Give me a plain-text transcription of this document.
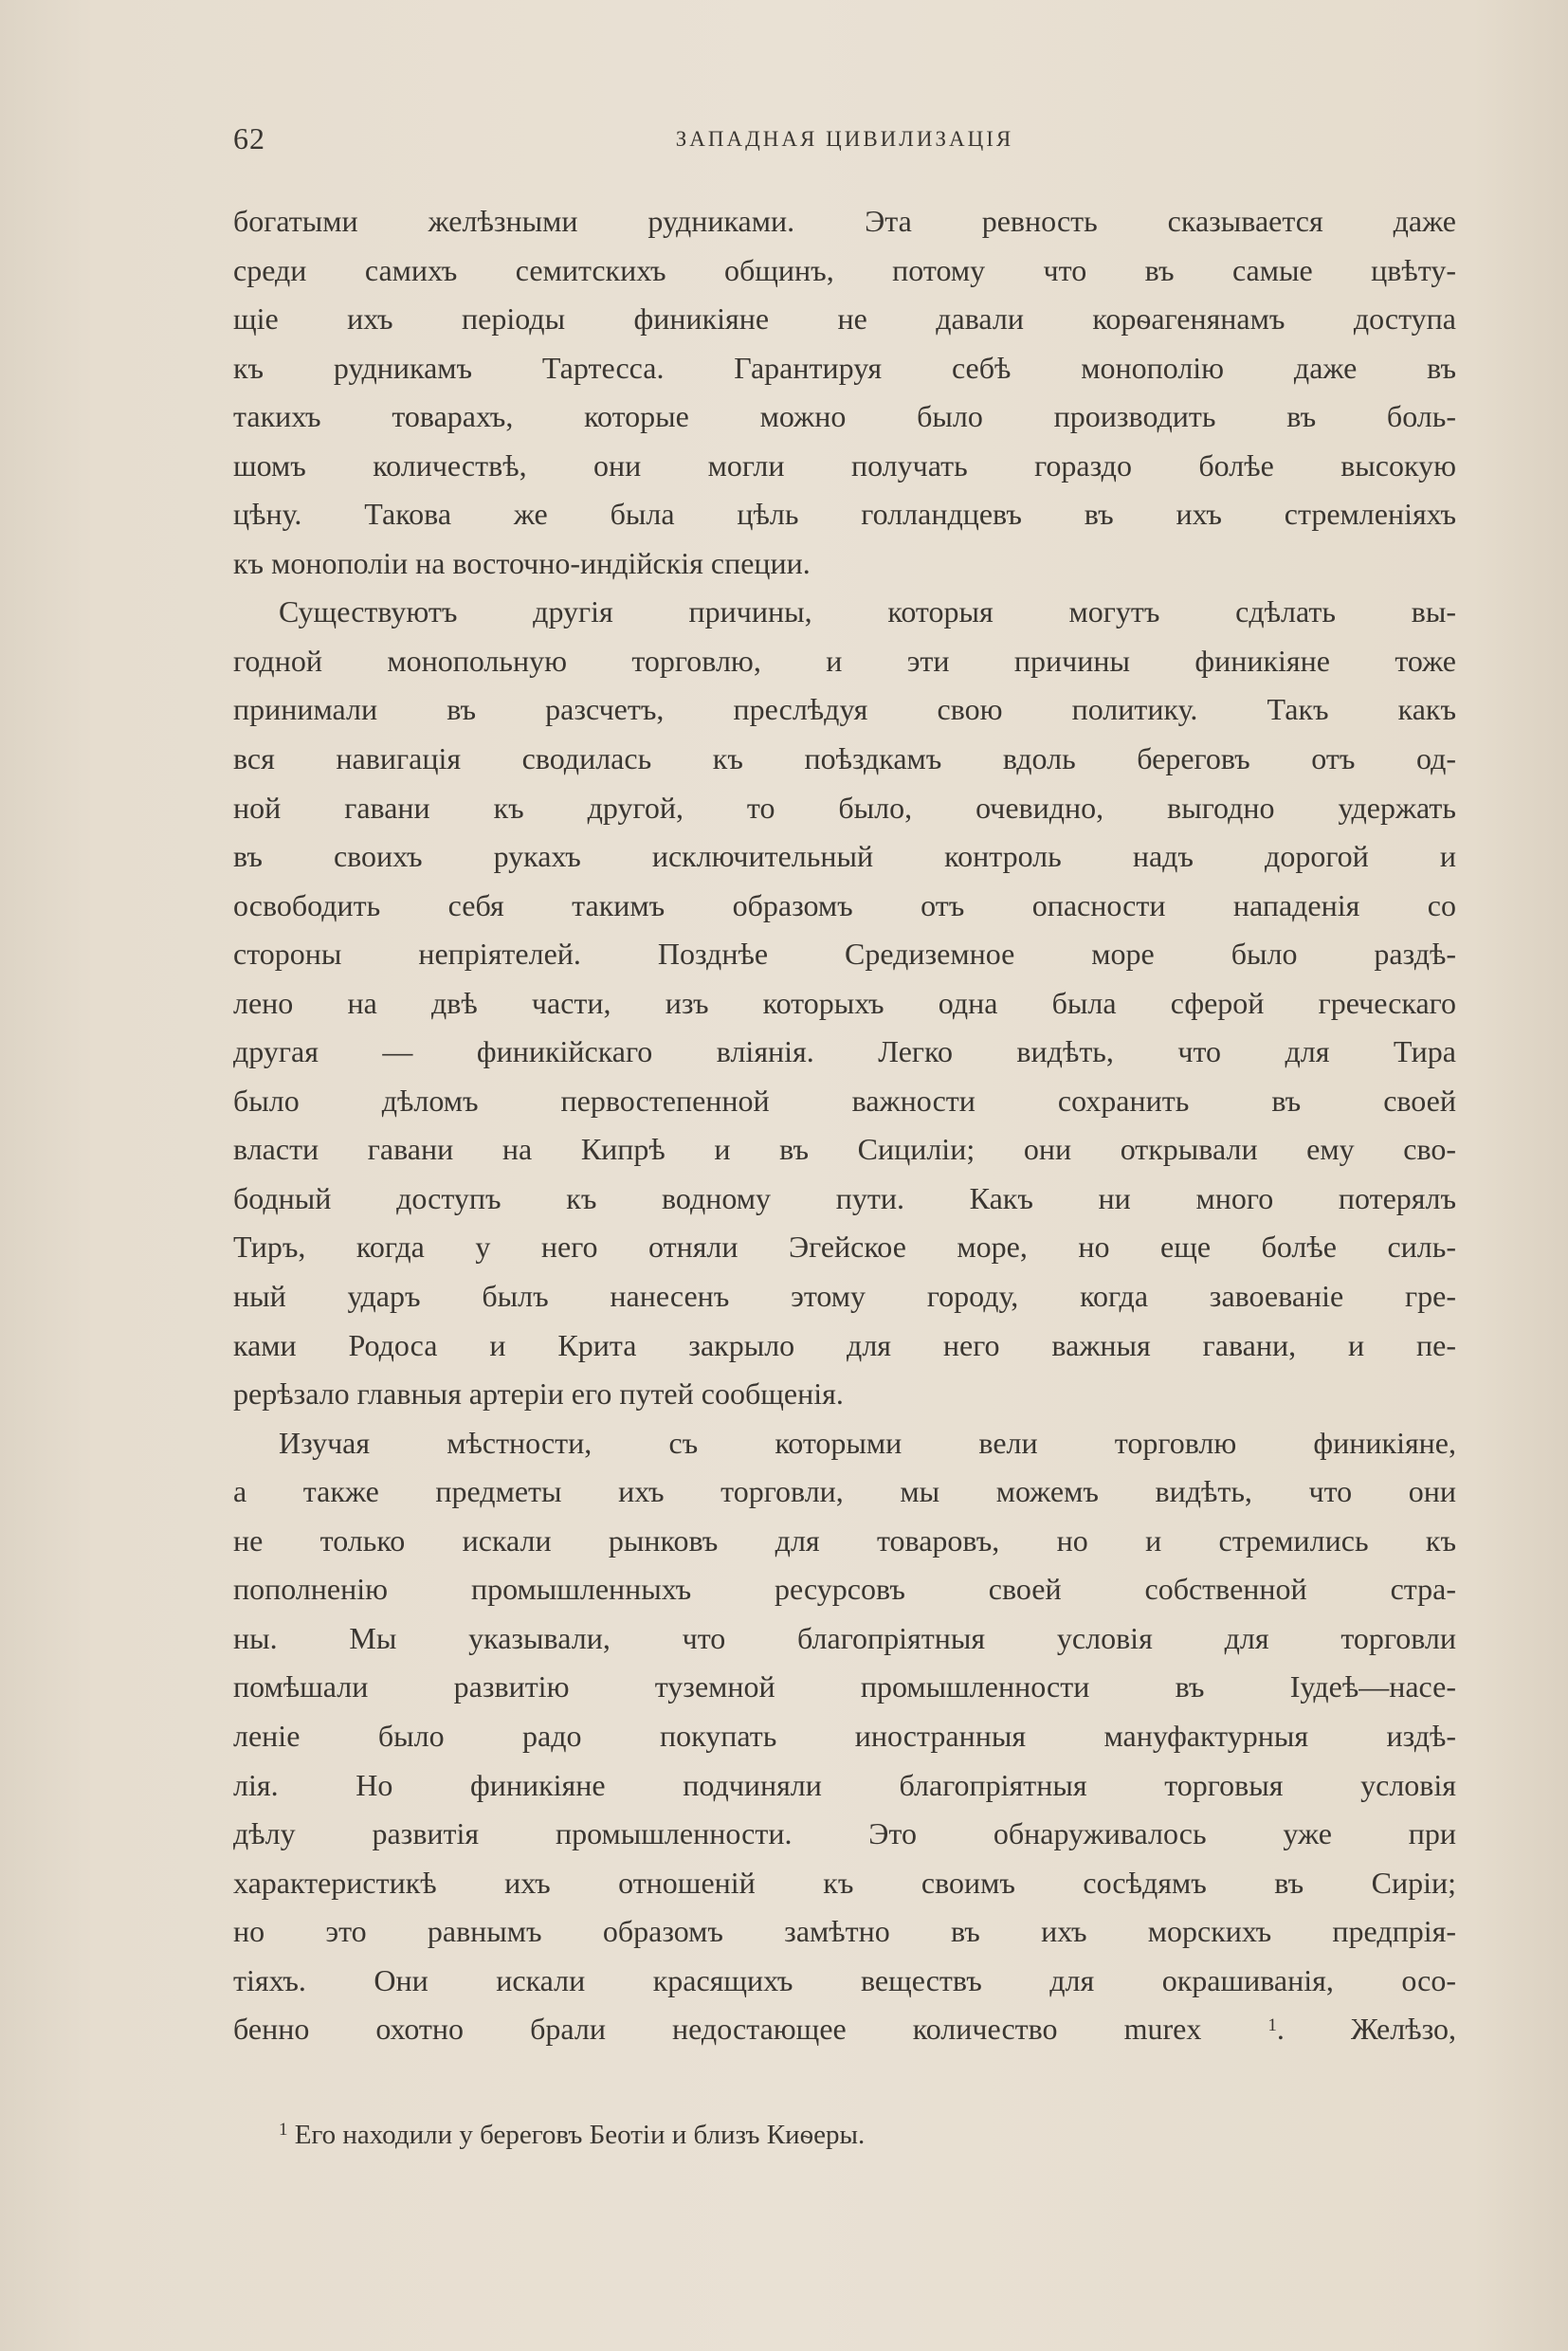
62	ЗАПАДНАЯ ЦИВИЛИЗАЦІЯ
богатыми желѣзными рудниками. Эта ревность сказывается даже
среди самихъ семитскихъ общинъ, потому что въ самые цвѣту-
щіе ихъ періоды финикіяне не давали корѳагенянамъ доступа
къ рудникамъ Тартесса. Гарантируя себѣ монополію даже въ
такихъ товарахъ, которые можно было производить въ боль-
шомъ количествѣ, они могли получать гораздо болѣе высокую
цѣну. Такова же была цѣль голландцевъ въ ихъ стремленіяхъ
къ монополіи на восточно-индійскія специи.
Существуютъ другія причины, которыя могутъ сдѣлать вы-
годной монопольную торговлю, и эти причины финикіяне тоже
принимали въ разсчетъ, преслѣдуя свою политику. Такъ какъ
вся навигація сводилась къ поѣздкамъ вдоль береговъ отъ од-
ной гавани къ другой, то было, очевидно, выгодно удержать
въ своихъ рукахъ исключительный контроль надъ дорогой и
освободить себя такимъ образомъ отъ опасности нападенія со
стороны непріятелей. Позднѣе Средиземное море было раздѣ-
лено на двѣ части, изъ которыхъ одна была сферой греческаго
другая — финикійскаго вліянія. Легко видѣть, что для Тира
было дѣломъ первостепенной важности сохранить въ своей
власти гавани на Кипрѣ и въ Сициліи; они открывали ему сво-
бодный доступъ къ водному пути. Какъ ни много потерялъ
Тиръ, когда у него отняли Эгейское море, но еще болѣе силь-
ный ударъ былъ нанесенъ этому городу, когда завоеваніе гре-
ками Родоса и Крита закрыло для него важныя гавани, и пе-
рерѣзало главныя артеріи его путей сообщенія.
Изучая мѣстности, съ которыми вели торговлю финикіяне,
а также предметы ихъ торговли, мы можемъ видѣть, что они
не только искали рынковъ для товаровъ, но и стремились къ
пополненію промышленныхъ ресурсовъ своей собственной стра-
ны. Мы указывали, что благопріятныя условія для торговли
помѣшали развитію туземной промышленности въ Іудеѣ—насе-
леніе было радо покупать иностранныя мануфактурныя издѣ-
лія. Но финикіяне подчиняли благопріятныя торговыя условія
дѣлу развитія промышленности. Это обнаруживалось уже при
характеристикѣ ихъ отношеній къ своимъ сосѣдямъ въ Сиріи;
но это равнымъ образомъ замѣтно въ ихъ морскихъ предпрія-
тіяхъ. Они искали красящихъ веществъ для окрашиванія, осо-
бенно охотно брали недостающее количество murex	$^1$. Желѣзо,
$^1$ Его находили у береговъ Беотіи и близъ Киѳеры.
